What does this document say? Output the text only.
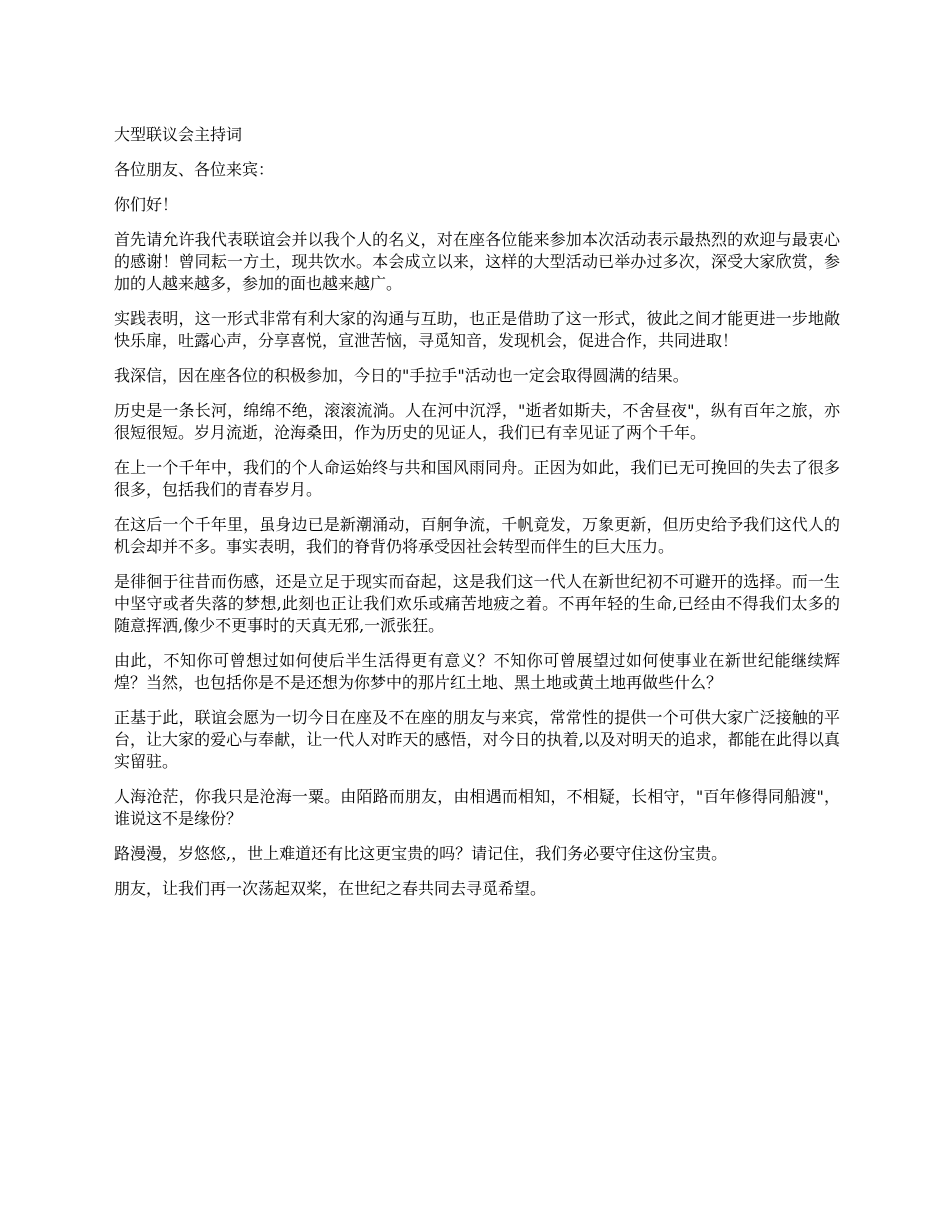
大型联议会主持词

各位朋友、各位来宾：

你们好！

首先请允许我代表联谊会并以我个人的名义，对在座各位能来参加本次活动表示最热烈的欢迎与最衷心的感谢！曾同耘一方土，现共饮水。本会成立以来，这样的大型活动已举办过多次，深受大家欣赏，参加的人越来越多，参加的面也越来越广。

实践表明，这一形式非常有利大家的沟通与互助，也正是借助了这一形式，彼此之间才能更进一步地敞快乐扉，吐露心声，分享喜悦，宣泄苦恼，寻觅知音，发现机会，促进合作，共同进取！

我深信，因在座各位的积极参加，今日的"手拉手"活动也一定会取得圆满的结果。

历史是一条长河，绵绵不绝，滚滚流淌。人在河中沉浮，"逝者如斯夫，不舍昼夜"，纵有百年之旅，亦很短很短。岁月流逝，沧海桑田，作为历史的见证人，我们已有幸见证了两个千年。

在上一个千年中，我们的个人命运始终与共和国风雨同舟。正因为如此，我们已无可挽回的失去了很多很多，包括我们的青春岁月。

在这后一个千年里，虽身边已是新潮涌动，百舸争流，千帆竟发，万象更新，但历史给予我们这代人的机会却并不多。事实表明，我们的脊背仍将承受因社会转型而伴生的巨大压力。

是徘徊于往昔而伤感，还是立足于现实而奋起，这是我们这一代人在新世纪初不可避开的选择。而一生中坚守或者失落的梦想,此刻也正让我们欢乐或痛苦地疲之着。不再年轻的生命,已经由不得我们太多的随意挥洒,像少不更事时的天真无邪,一派张狂。

由此，不知你可曾想过如何使后半生活得更有意义？不知你可曾展望过如何使事业在新世纪能继续辉煌？当然，也包括你是不是还想为你梦中的那片红土地、黑土地或黄土地再做些什么？

正基于此，联谊会愿为一切今日在座及不在座的朋友与来宾，常常性的提供一个可供大家广泛接触的平台，让大家的爱心与奉献，让一代人对昨天的感悟，对今日的执着,以及对明天的追求，都能在此得以真实留驻。

人海沧茫，你我只是沧海一粟。由陌路而朋友，由相遇而相知，不相疑，长相守，"百年修得同船渡"，谁说这不是缘份？

路漫漫，岁悠悠,，世上难道还有比这更宝贵的吗？请记住，我们务必要守住这份宝贵。

朋友，让我们再一次荡起双桨，在世纪之春共同去寻觅希望。
